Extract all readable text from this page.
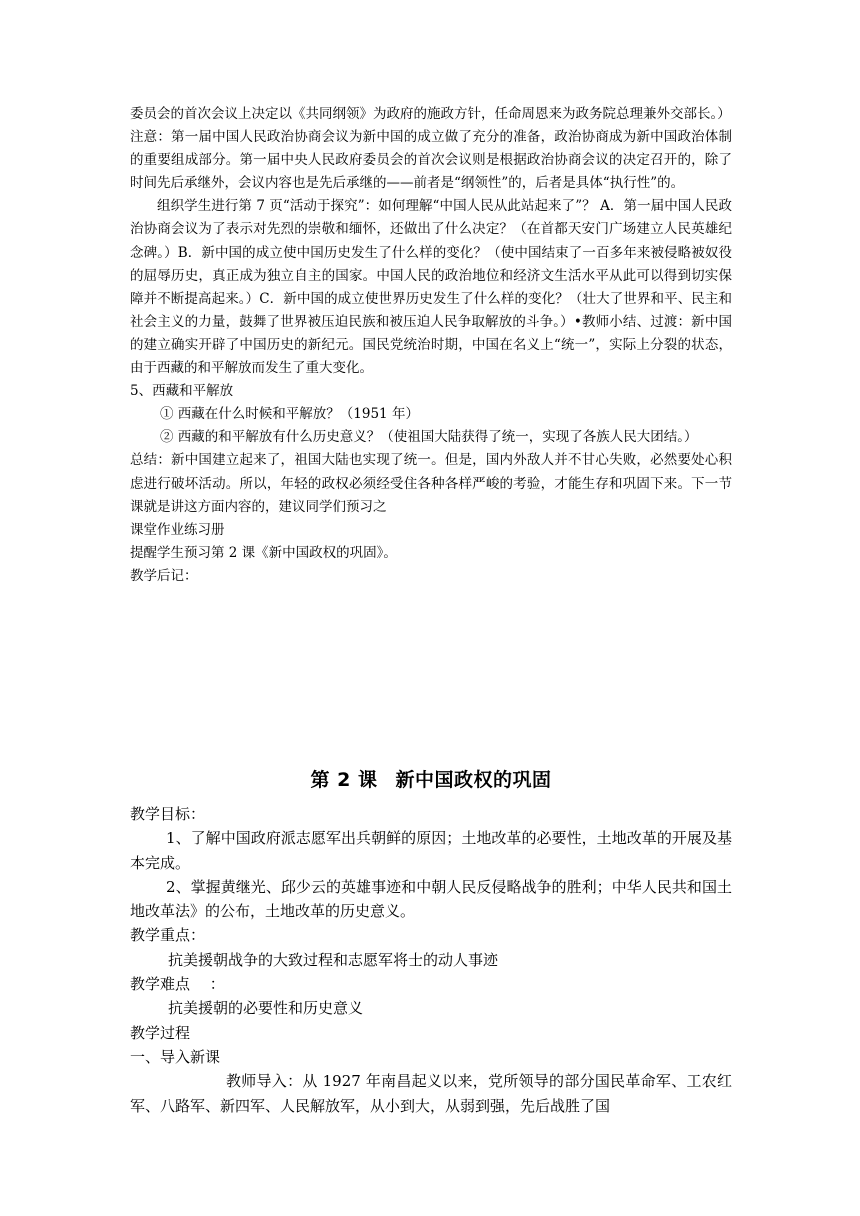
委员会的首次会议上决定以《共同纲领》为政府的施政方针，任命周恩来为政务院总理兼外交部长。）

注意：第一届中国人民政治协商会议为新中国的成立做了充分的准备，政治协商成为新中国政治体制的重要组成部分。第一届中央人民政府委员会的首次会议则是根据政治协商会议的决定召开的，除了时间先后承继外，会议内容也是先后承继的——前者是“纲领性”的，后者是具体“执行性”的。

组织学生进行第 7 页“活动于探究”：如何理解“中国人民从此站起来了”？ A．第一届中国人民政治协商会议为了表示对先烈的崇敬和缅怀，还做出了什么决定？（在首都天安门广场建立人民英雄纪念碑。）B．新中国的成立使中国历史发生了什么样的变化？（使中国结束了一百多年来被侵略被奴役的屈辱历史，真正成为独立自主的国家。中国人民的政治地位和经济文生活水平从此可以得到切实保障并不断提高起来。）C．新中国的成立使世界历史发生了什么样的变化？（壮大了世界和平、民主和社会主义的力量，鼓舞了世界被压迫民族和被压迫人民争取解放的斗争。）•教师小结、过渡：新中国的建立确实开辟了中国历史的新纪元。国民党统治时期，中国在名义上“统一”，实际上分裂的状态，由于西藏的和平解放而发生了重大变化。

5、西藏和平解放

① 西藏在什么时候和平解放？（1951 年）

② 西藏的和平解放有什么历史意义？（使祖国大陆获得了统一，实现了各族人民大团结。）

总结：新中国建立起来了，祖国大陆也实现了统一。但是，国内外敌人并不甘心失败，必然要处心积虑进行破坏活动。所以，年轻的政权必须经受住各种各样严峻的考验，才能生存和巩固下来。下一节课就是讲这方面内容的，建议同学们预习之

课堂作业练习册

提醒学生预习第 2 课《新中国政权的巩固》。

教学后记：

第 2 课 新中国政权的巩固

教学目标：

1、了解中国政府派志愿军出兵朝鲜的原因；土地改革的必要性，土地改革的开展及基本完成。

2、掌握黄继光、邱少云的英雄事迹和中朝人民反侵略战争的胜利；中华人民共和国土地改革法》的公布，土地改革的历史意义。

教学重点：

抗美援朝战争的大致过程和志愿军将士的动人事迹

教学难点　 ：

抗美援朝的必要性和历史意义

教学过程

一、导入新课

教师导入：从 1927 年南昌起义以来，党所领导的部分国民革命军、工农红军、八路军、新四军、人民解放军，从小到大，从弱到强，先后战胜了国
